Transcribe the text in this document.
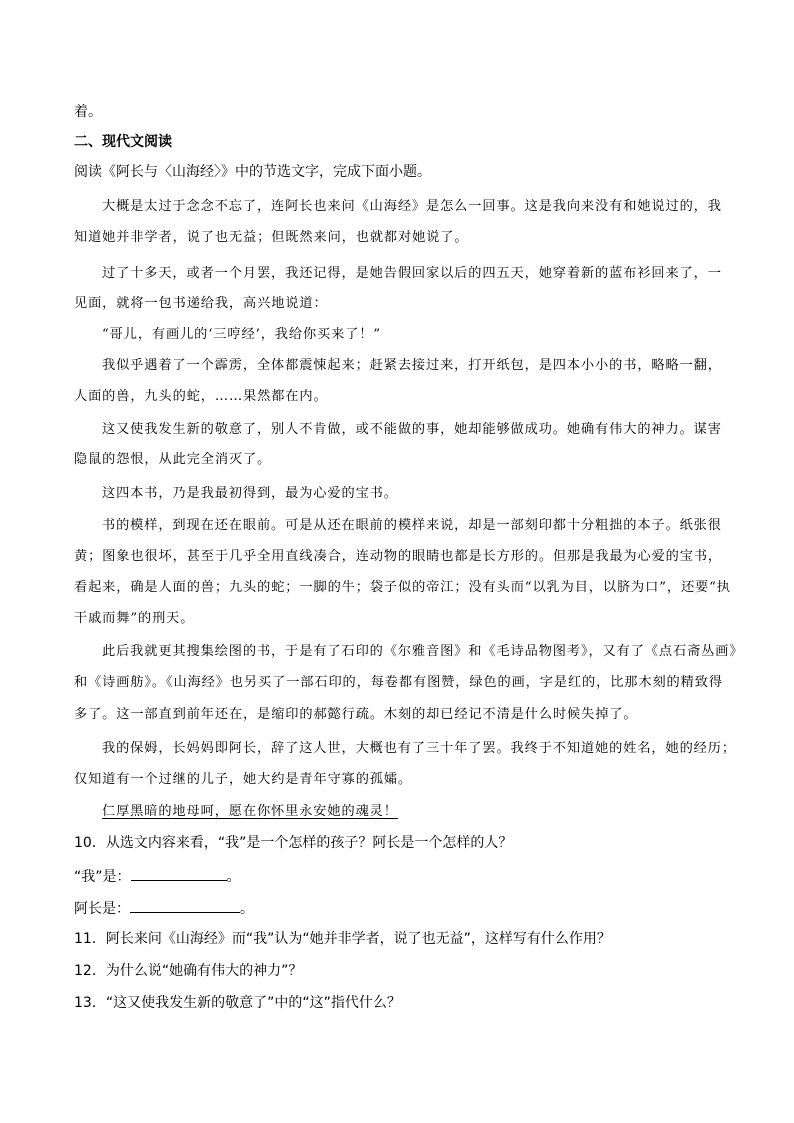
着。
二、现代文阅读
阅读《阿长与〈山海经〉》中的节选文字，完成下面小题。
大概是太过于念念不忘了，连阿长也来问《山海经》是怎么一回事。这是我向来没有和她说过的，我
知道她并非学者，说了也无益；但既然来问，也就都对她说了。
过了十多天，或者一个月罢，我还记得，是她告假回家以后的四五天，她穿着新的蓝布衫回来了，一
见面，就将一包书递给我，高兴地说道：
“哥儿，有画儿的‘三哼经’，我给你买来了！”
我似乎遇着了一个霹雳，全体都震悚起来；赶紧去接过来，打开纸包，是四本小小的书，略略一翻，
人面的兽，九头的蛇，……果然都在内。
这又使我发生新的敬意了，别人不肯做，或不能做的事，她却能够做成功。她确有伟大的神力。谋害
隐鼠的怨恨，从此完全消灭了。
这四本书，乃是我最初得到，最为心爱的宝书。
书的模样，到现在还在眼前。可是从还在眼前的模样来说，却是一部刻印都十分粗拙的本子。纸张很
黄；图象也很坏，甚至于几乎全用直线凑合，连动物的眼睛也都是长方形的。但那是我最为心爱的宝书，
看起来，确是人面的兽；九头的蛇；一脚的牛；袋子似的帝江；没有头而“以乳为目，以脐为口”，还要“执
干戚而舞”的刑天。
此后我就更其搜集绘图的书，于是有了石印的《尔雅音图》和《毛诗品物图考》，又有了《点石斋丛画》
和《诗画舫》。《山海经》也另买了一部石印的，每卷都有图赞，绿色的画，字是红的，比那木刻的精致得
多了。这一部直到前年还在，是缩印的郝懿行疏。木刻的却已经记不清是什么时候失掉了。
我的保姆，长妈妈即阿长，辞了这人世，大概也有了三十年了罢。我终于不知道她的姓名，她的经历；
仅知道有一个过继的儿子，她大约是青年守寡的孤孀。
仁厚黑暗的地母呵，愿在你怀里永安她的魂灵！
10．从选文内容来看，“我”是一个怎样的孩子？阿长是一个怎样的人？
“我”是：	。
阿长是：	。
11．阿长来问《山海经》而“我”认为“她并非学者，说了也无益”，这样写有什么作用？
12．为什么说“她确有伟大的神力”？
13．“这又使我发生新的敬意了”中的“这”指代什么？
